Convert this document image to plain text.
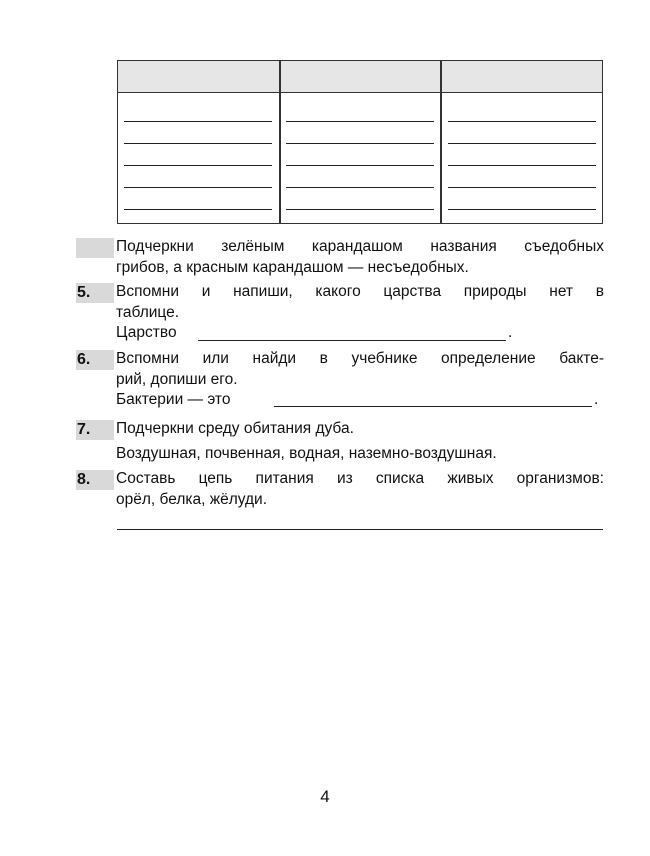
Подчеркни зелёным карандашом названия съедобных
грибов, а красным карандашом — несъедобных.
5.	Вспомни и напиши, какого царства природы нет в
таблице.
Царство	.
6.	Вспомни или найди в учебнике определение бакте-
рий, допиши его.
Бактерии — это	.
7.	Подчеркни среду обитания дуба.
Воздушная, почвенная, водная, наземно-воздушная.
8.	Составь цепь питания из списка живых организмов:
орёл, белка, жёлуди.
4
